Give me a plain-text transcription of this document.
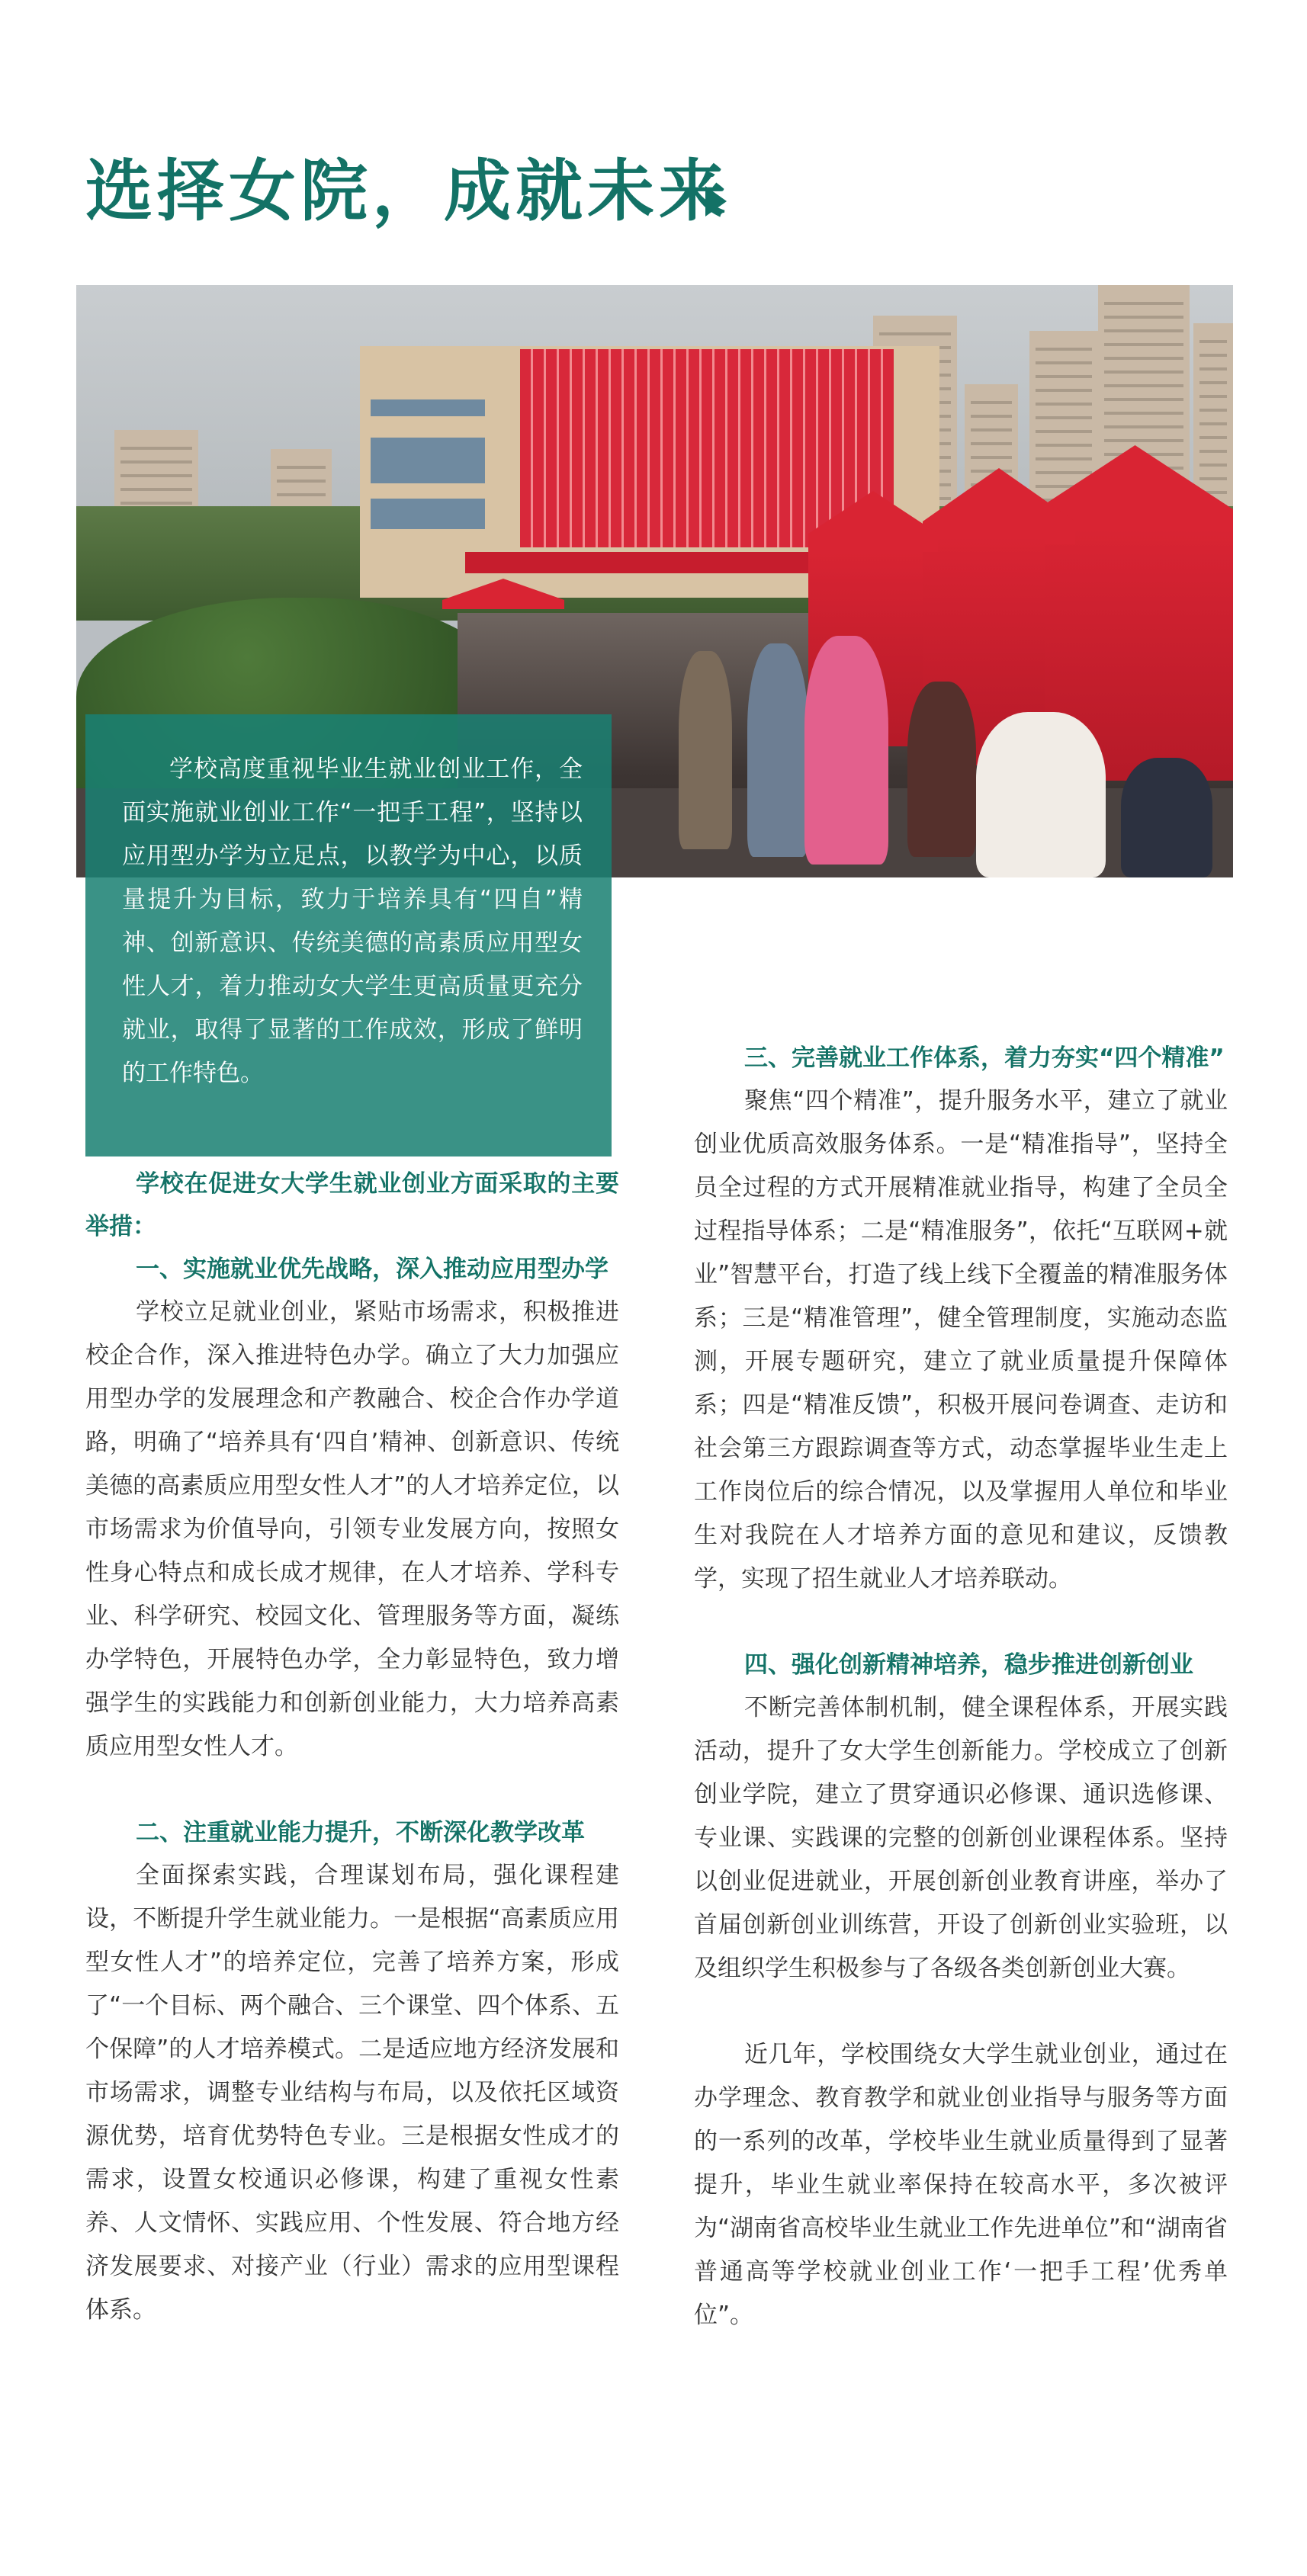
选择女院，成就未来

学校高度重视毕业生就业创业工作，全面实施就业创业工作“一把手工程”，坚持以应用型办学为立足点，以教学为中心，以质量提升为目标，致力于培养具有“四自”精神、创新意识、传统美德的高素质应用型女性人才，着力推动女大学生更高质量更充分就业，取得了显著的工作成效，形成了鲜明的工作特色。

学校在促进女大学生就业创业方面采取的主要举措：

一、实施就业优先战略，深入推动应用型办学

学校立足就业创业，紧贴市场需求，积极推进校企合作，深入推进特色办学。确立了大力加强应用型办学的发展理念和产教融合、校企合作办学道路，明确了“培养具有‘四自’精神、创新意识、传统美德的高素质应用型女性人才”的人才培养定位，以市场需求为价值导向，引领专业发展方向，按照女性身心特点和成长成才规律，在人才培养、学科专业、科学研究、校园文化、管理服务等方面，凝练办学特色，开展特色办学，全力彰显特色，致力增强学生的实践能力和创新创业能力，大力培养高素质应用型女性人才。

二、注重就业能力提升，不断深化教学改革

全面探索实践，合理谋划布局，强化课程建设，不断提升学生就业能力。一是根据“高素质应用型女性人才”的培养定位，完善了培养方案，形成了“一个目标、两个融合、三个课堂、四个体系、五个保障”的人才培养模式。二是适应地方经济发展和市场需求，调整专业结构与布局，以及依托区域资源优势，培育优势特色专业。三是根据女性成才的需求，设置女校通识必修课，构建了重视女性素养、人文情怀、实践应用、个性发展、符合地方经济发展要求、对接产业（行业）需求的应用型课程体系。

三、完善就业工作体系，着力夯实“四个精准”

聚焦“四个精准”，提升服务水平，建立了就业创业优质高效服务体系。一是“精准指导”，坚持全员全过程的方式开展精准就业指导，构建了全员全过程指导体系；二是“精准服务”，依托“互联网+就业”智慧平台，打造了线上线下全覆盖的精准服务体系；三是“精准管理”，健全管理制度，实施动态监测，开展专题研究，建立了就业质量提升保障体系；四是“精准反馈”，积极开展问卷调查、走访和社会第三方跟踪调查等方式，动态掌握毕业生走上工作岗位后的综合情况，以及掌握用人单位和毕业生对我院在人才培养方面的意见和建议，反馈教学，实现了招生就业人才培养联动。

四、强化创新精神培养，稳步推进创新创业

不断完善体制机制，健全课程体系，开展实践活动，提升了女大学生创新能力。学校成立了创新创业学院，建立了贯穿通识必修课、通识选修课、专业课、实践课的完整的创新创业课程体系。坚持以创业促进就业，开展创新创业教育讲座，举办了首届创新创业训练营，开设了创新创业实验班，以及组织学生积极参与了各级各类创新创业大赛。

近几年，学校围绕女大学生就业创业，通过在办学理念、教育教学和就业创业指导与服务等方面的一系列的改革，学校毕业生就业质量得到了显著提升，毕业生就业率保持在较高水平，多次被评为“湖南省高校毕业生就业工作先进单位”和“湖南省普通高等学校就业创业工作‘一把手工程’优秀单位”。
